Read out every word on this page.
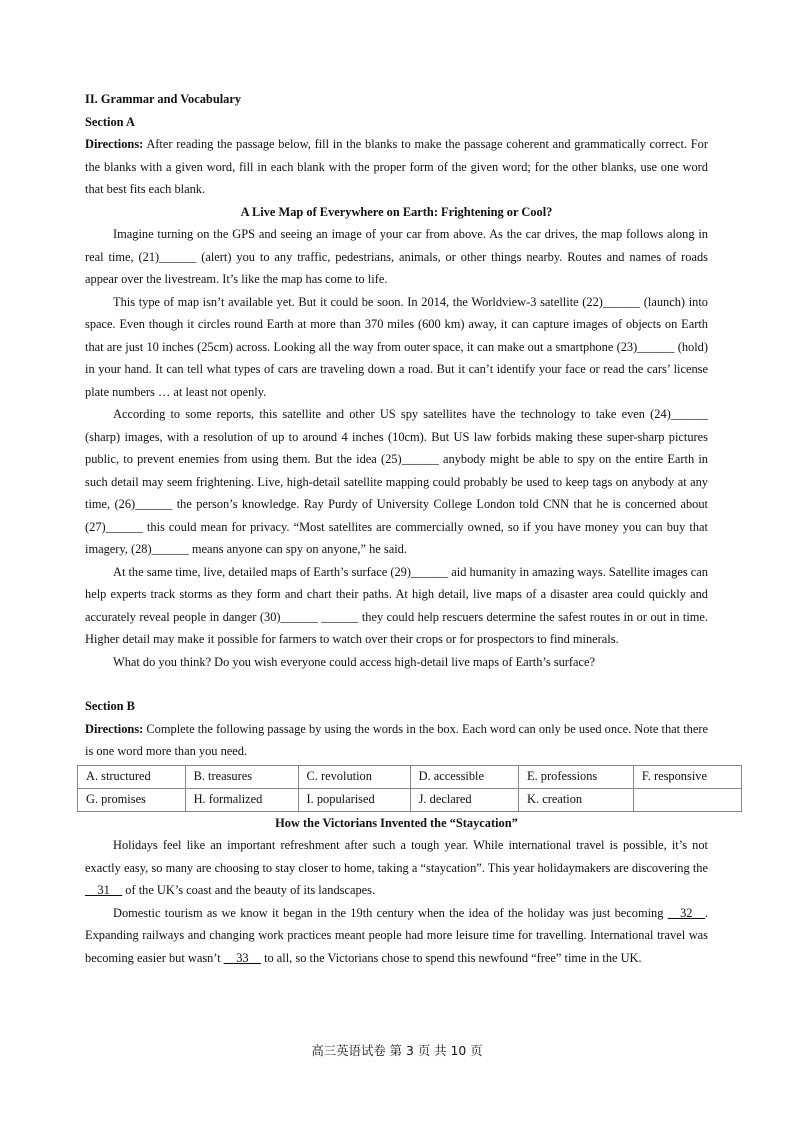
II. Grammar and Vocabulary

Section A

Directions: After reading the passage below, fill in the blanks to make the passage coherent and grammatically correct. For the blanks with a given word, fill in each blank with the proper form of the given word; for the other blanks, use one word that best fits each blank.

A Live Map of Everywhere on Earth: Frightening or Cool?

Imagine turning on the GPS and seeing an image of your car from above. As the car drives, the map follows along in real time, (21)______ (alert) you to any traffic, pedestrians, animals, or other things nearby. Routes and names of roads appear over the livestream. It’s like the map has come to life.

This type of map isn’t available yet. But it could be soon. In 2014, the Worldview-3 satellite (22)______ (launch) into space. Even though it circles round Earth at more than 370 miles (600 km) away, it can capture images of objects on Earth that are just 10 inches (25cm) across. Looking all the way from outer space, it can make out a smartphone (23)______ (hold) in your hand. It can tell what types of cars are traveling down a road. But it can’t identify your face or read the cars’ license plate numbers … at least not openly.

According to some reports, this satellite and other US spy satellites have the technology to take even (24)______ (sharp) images, with a resolution of up to around 4 inches (10cm). But US law forbids making these super-sharp pictures public, to prevent enemies from using them. But the idea (25)______ anybody might be able to spy on the entire Earth in such detail may seem frightening. Live, high-detail satellite mapping could probably be used to keep tags on anybody at any time, (26)______ the person’s knowledge. Ray Purdy of University College London told CNN that he is concerned about (27)______ this could mean for privacy. “Most satellites are commercially owned, so if you have money you can buy that imagery, (28)______ means anyone can spy on anyone,” he said.

At the same time, live, detailed maps of Earth’s surface (29)______ aid humanity in amazing ways. Satellite images can help experts track storms as they form and chart their paths. At high detail, live maps of a disaster area could quickly and accurately reveal people in danger (30)______ ______ they could help rescuers determine the safest routes in or out in time. Higher detail may make it possible for farmers to watch over their crops or for prospectors to find minerals.

What do you think? Do you wish everyone could access high-detail live maps of Earth’s surface?

Section B

Directions: Complete the following passage by using the words in the box. Each word can only be used once. Note that there is one word more than you need.

A. structured	B. treasures	C. revolution	D. accessible	E. professions	F. responsive
G. promises	H. formalized	I. popularised	J. declared	K. creation	

How the Victorians Invented the “Staycation”

Holidays feel like an important refreshment after such a tough year. While international travel is possible, it’s not exactly easy, so many are choosing to stay closer to home, taking a “staycation”. This year holidaymakers are discovering the __31__ of the UK’s coast and the beauty of its landscapes.

Domestic tourism as we know it began in the 19th century when the idea of the holiday was just becoming __32__. Expanding railways and changing work practices meant people had more leisure time for travelling. International travel was becoming easier but wasn’t __33__ to all, so the Victorians chose to spend this newfound “free” time in the UK.

高三英语试卷 第 3 页 共 10 页
